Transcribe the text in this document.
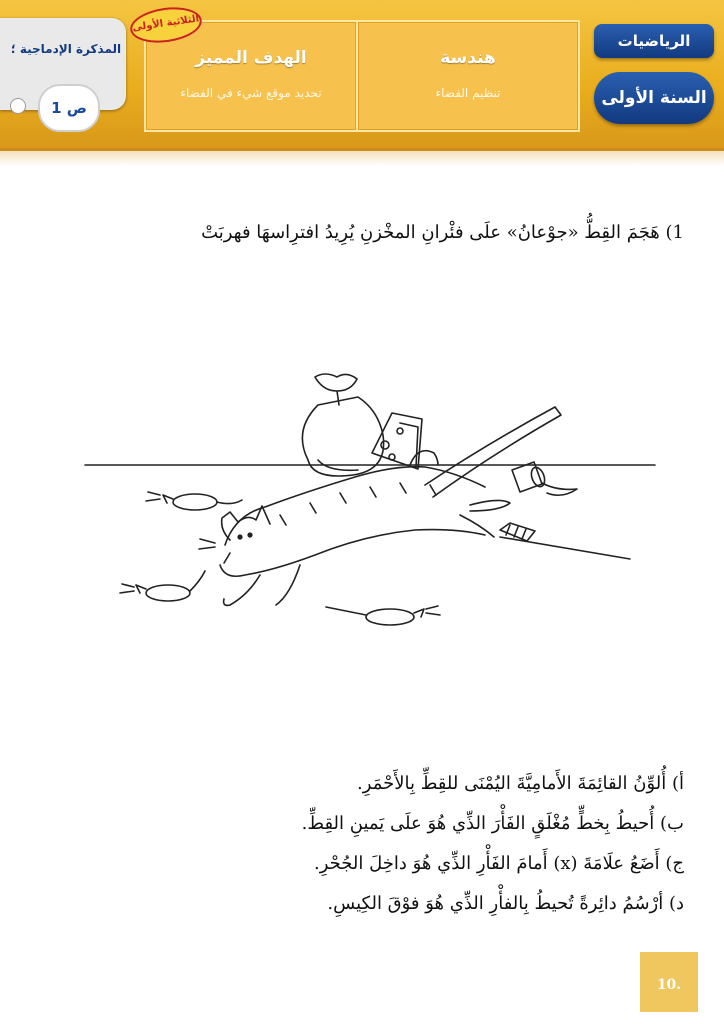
الرياضيات
السنة الأولى
هندسة
تنظيم الفضاء
الهدف المميز
تحديد موقع شيء في الفضاء
المذكرة الإدماجية ؛
الثلاثية الأولى
ص 1
1) هَجَمَ القِطُّ «جوْعانُ» علَى فئْرانِ المخْزنِ يُرِيدُ افترِاسهَا فهربَتْ
أ) أُلوِّنُ القائِمَةَ الأَمامِيَّةَ اليُمْنَى للقِطِّ بِالأَحْمَرِ.
ب) أُحيطُ بِخطٍّ مُغْلَقٍ الفَأْرَ الذِّي هُوَ علَى يَمينِ القِطِّ.
ج) أَضَعُ علَامَةَ (x) أَمامَ الفَأْرِ الذِّي هُوَ داخِلَ الجُحْرِ.
د) أرْسُمُ دائِرةً تُحيطُ بِالفأْرِ الذِّي هُوَ فوْقَ الكِيسِ.
10.
